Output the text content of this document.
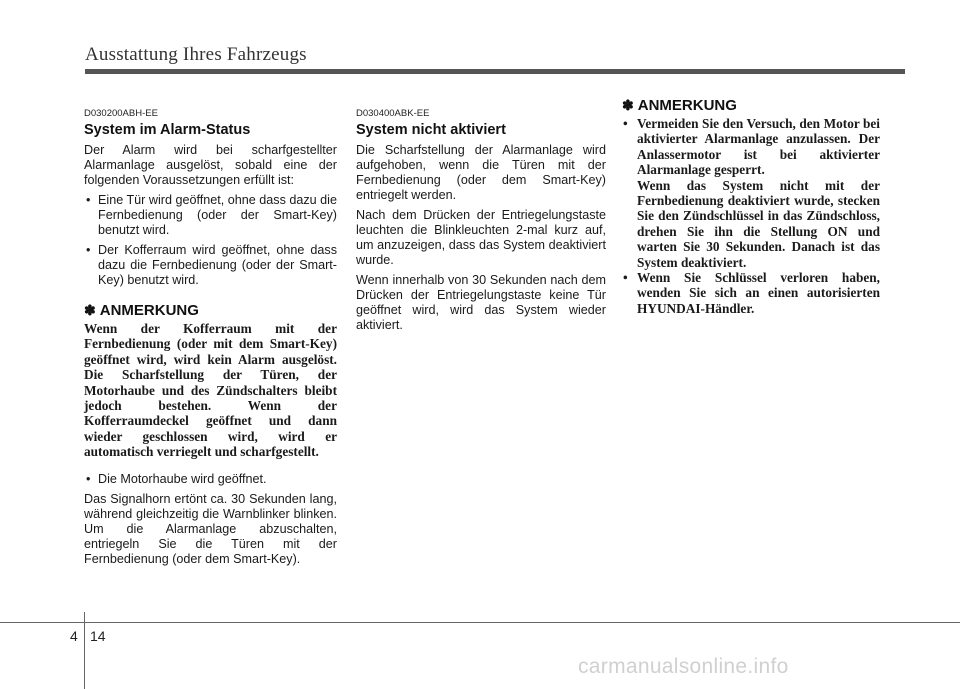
Ausstattung Ihres Fahrzeugs

D030200ABH-EE

System im Alarm-Status

Der Alarm wird bei scharfgestellter Alarmanlage ausgelöst, sobald eine der folgenden Voraussetzungen erfüllt ist:

• Eine Tür wird geöffnet, ohne dass dazu die Fernbedienung (oder der Smart-Key) benutzt wird.
• Der Kofferraum wird geöffnet, ohne dass dazu die Fernbedienung (oder der Smart-Key) benutzt wird.
✽ ANMERKUNG

Wenn der Kofferraum mit der Fernbedienung (oder mit dem Smart-Key) geöffnet wird, wird kein Alarm ausgelöst. Die Scharfstellung der Türen, der Motorhaube und des Zündschalters bleibt jedoch bestehen. Wenn der Kofferraumdeckel geöffnet und dann wieder geschlossen wird, wird er automatisch verriegelt und scharfgestellt.

• Die Motorhaube wird geöffnet.

Das Signalhorn ertönt ca. 30 Sekunden lang, während gleichzeitig die Warnblinker blinken. Um die Alarmanlage abzuschalten, entriegeln Sie die Türen mit der Fernbedienung (oder dem Smart-Key).

D030400ABK-EE

System nicht aktiviert

Die Scharfstellung der Alarmanlage wird aufgehoben, wenn die Türen mit der Fernbedienung (oder dem Smart-Key) entriegelt werden.

Nach dem Drücken der Entriegelungstaste leuchten die Blinkleuchten 2-mal kurz auf, um anzuzeigen, dass das System deaktiviert wurde.

Wenn innerhalb von 30 Sekunden nach dem Drücken der Entriegelungstaste keine Tür geöffnet wird, wird das System wieder aktiviert.

✽ ANMERKUNG

• Vermeiden Sie den Versuch, den Motor bei aktivierter Alarmanlage anzulassen. Der Anlassermotor ist bei aktivierter Alarmanlage gesperrt.

Wenn das System nicht mit der Fernbedienung deaktiviert wurde, stecken Sie den Zündschlüssel in das Zündschloss, drehen Sie ihn die Stellung ON und warten Sie 30 Sekunden. Danach ist das System deaktiviert.

• Wenn Sie Schlüssel verloren haben, wenden Sie sich an einen autorisierten HYUNDAI-Händler.
4 14
carmanualsonline.info
